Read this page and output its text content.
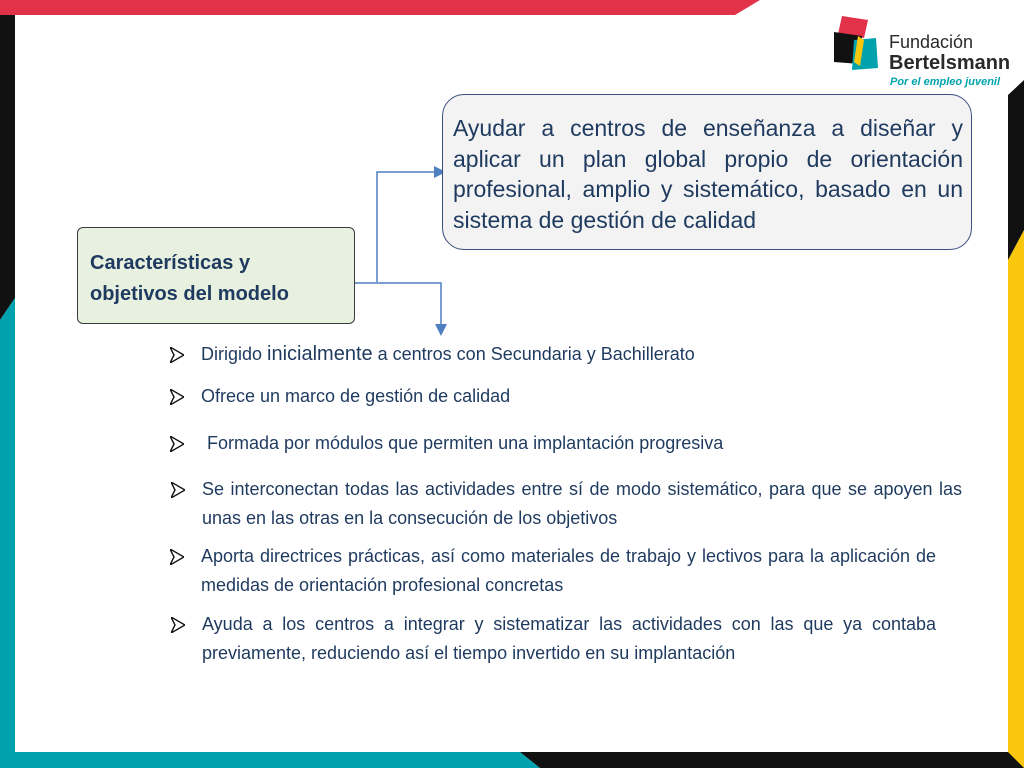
Fundación
Bertelsmann
Por el empleo juvenil
Características y
objetivos del modelo
Ayudar a centros de enseñanza a diseñar y aplicar un plan global propio de orientación profesional, amplio y sistemático, basado en un sistema de gestión de calidad
Dirigido inicialmente a centros con Secundaria y Bachillerato
Ofrece un marco de gestión de calidad
Formada por módulos que permiten una implantación progresiva
Se interconectan todas las actividades entre sí de modo sistemático, para que se apoyen las unas en las otras en la consecución de los objetivos
Aporta directrices prácticas, así como materiales de trabajo y lectivos para la aplicación de medidas de orientación profesional concretas
Ayuda a los centros a integrar y sistematizar las actividades con las que ya contaba previamente, reduciendo así el tiempo invertido en su implantación
